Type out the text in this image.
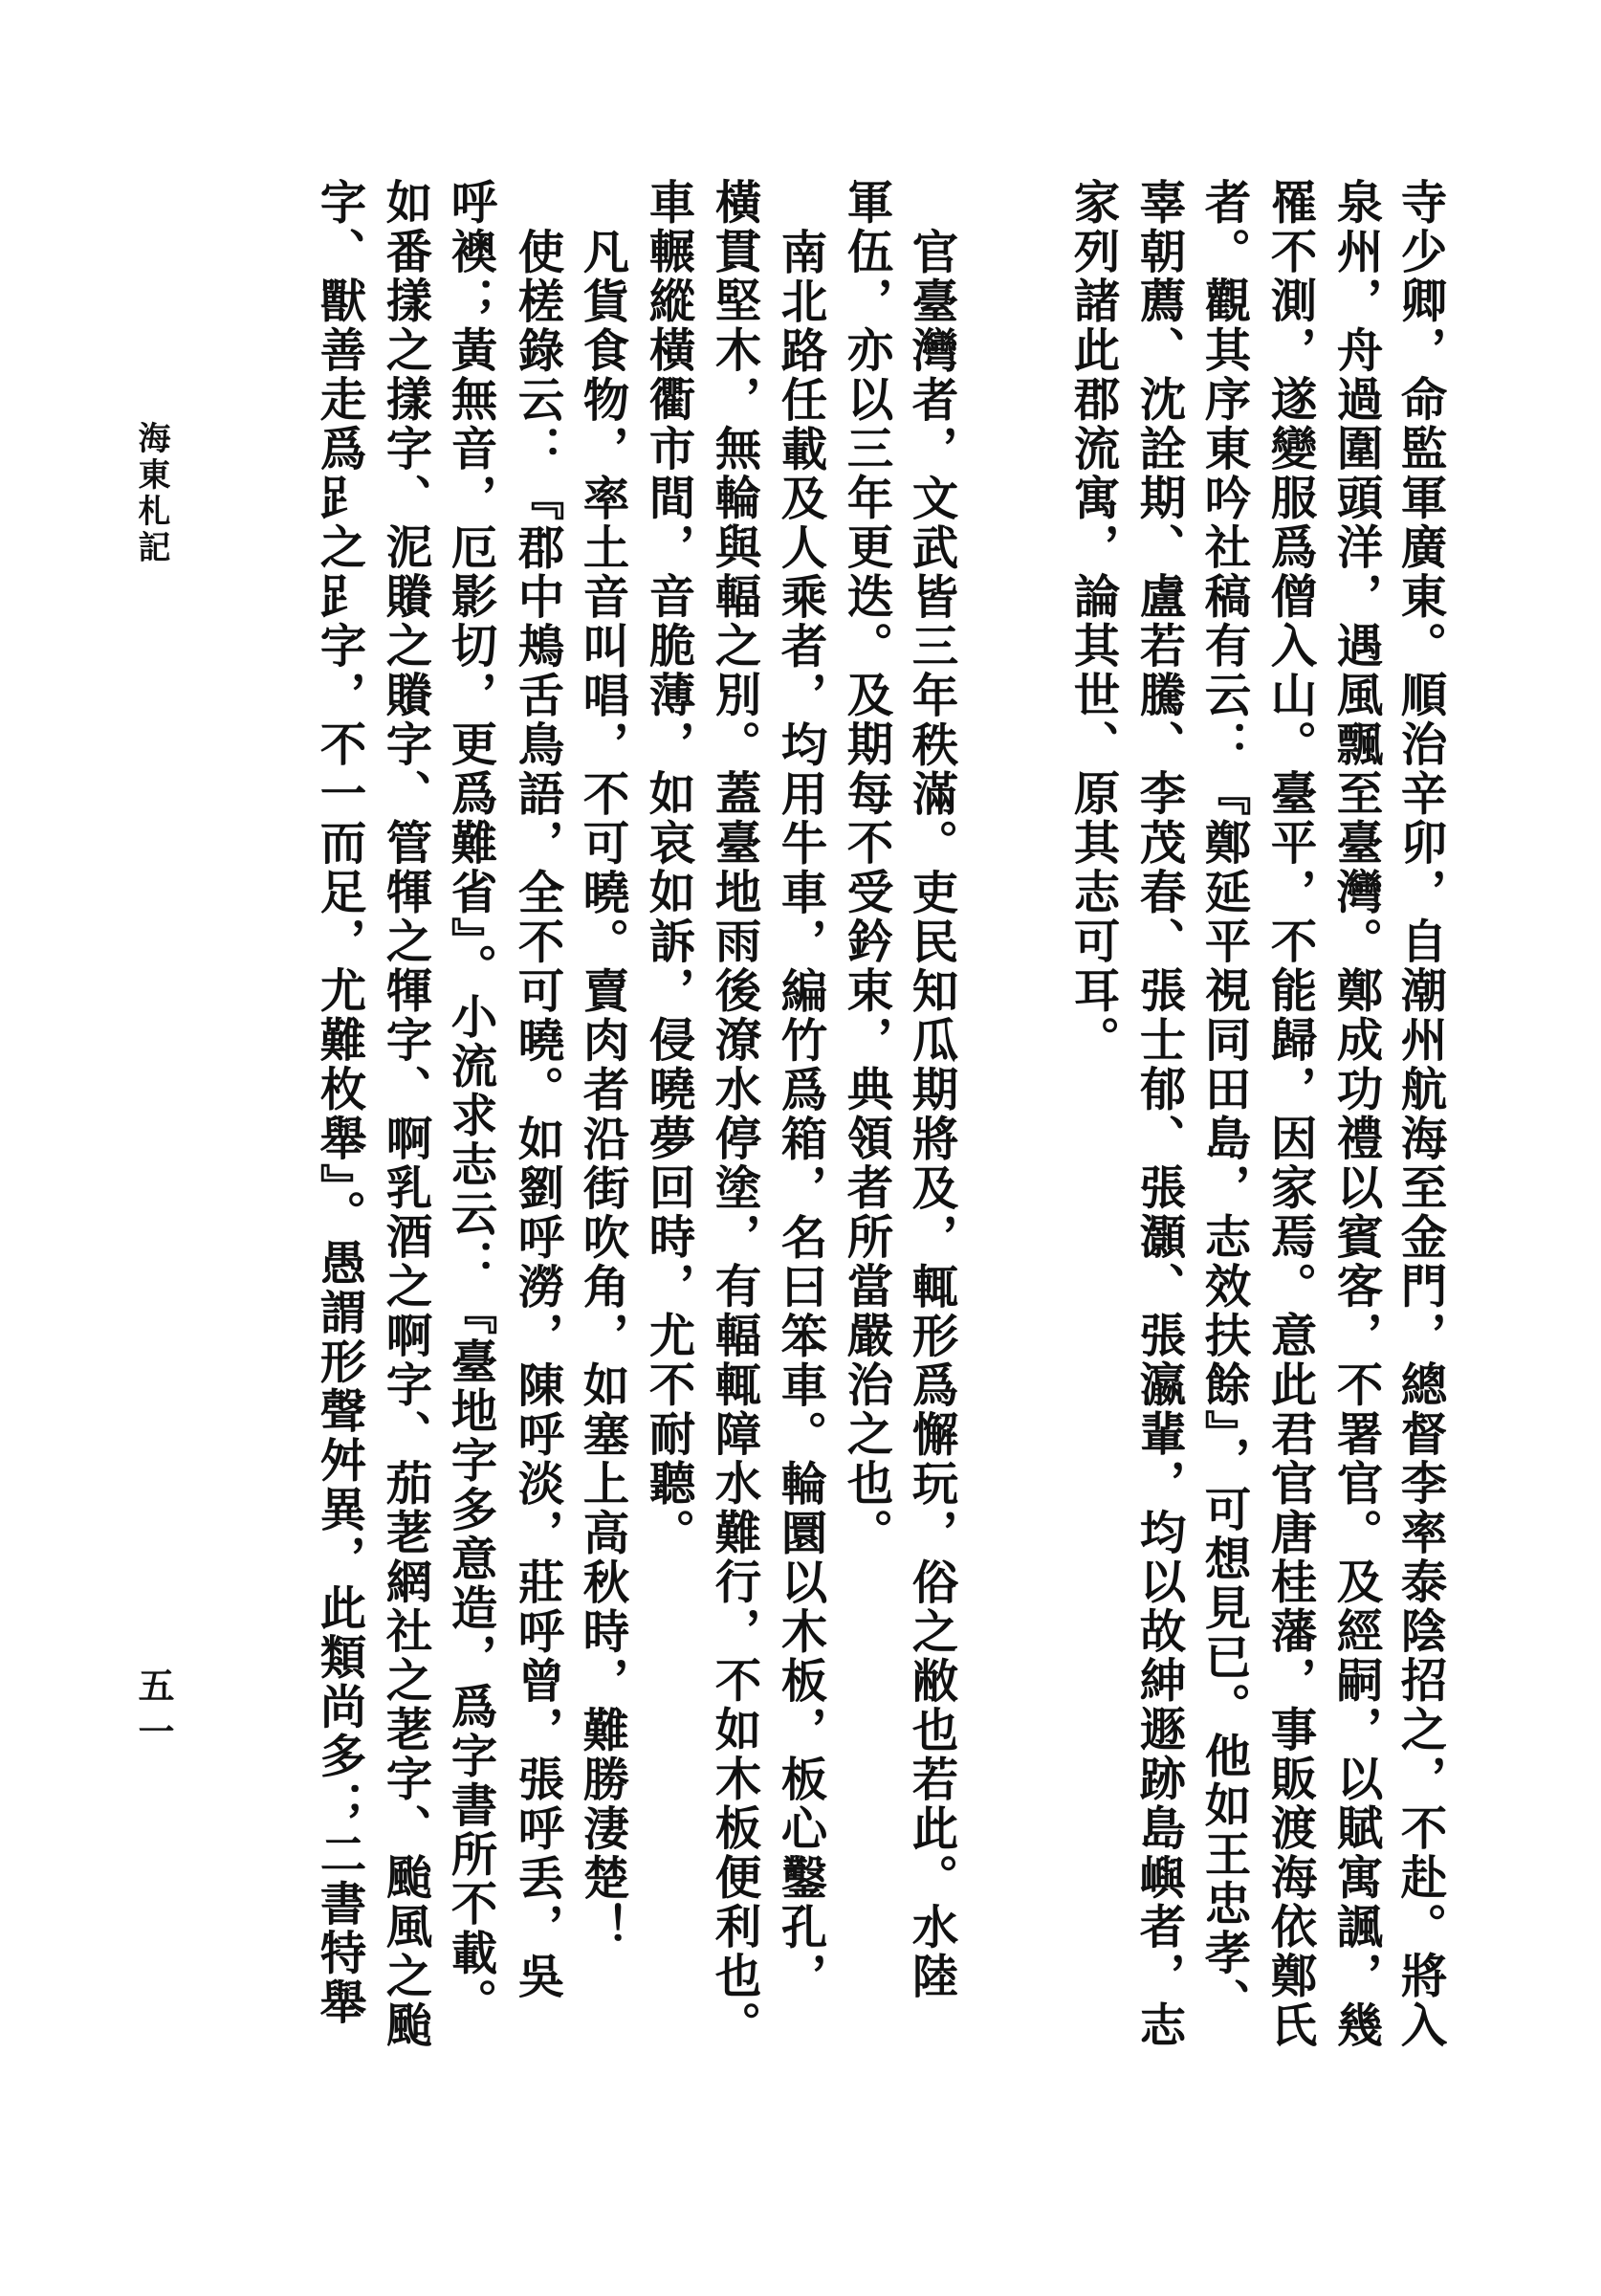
寺少卿，命監軍廣東。順治辛卯，自潮州航海至金門，總督李率泰陰招之，不赴。將入
泉州，舟過圍頭洋，遇風飄至臺灣。鄭成功禮以賓客，不署官。及經嗣，以賦寓諷，幾
罹不測，遂變服爲僧入山。臺平，不能歸，因家焉。意此君官唐桂藩，事販渡海依鄭氏
者。觀其序東吟社稿有云：『鄭延平視同田島，志效扶餘』，可想見已。他如王忠孝、
辜朝薦、沈詮期、盧若騰、李茂春、張士郁、張灝、張瀛輩，均以故紳遯跡島嶼者，志
家列諸此郡流寓，論其世、原其志可耳。
官臺灣者，文武皆三年秩滿。吏民知瓜期將及，輒形爲懈玩，俗之敝也若此。水陸
軍伍，亦以三年更迭。及期每不受鈐束，典領者所當嚴治之也。
南北路任載及人乘者，均用牛車，編竹爲箱，名曰笨車。輪圜以木板，板心鑿孔，
橫貫堅木，無輪與輻之別。蓋臺地雨後潦水停塗，有輻輒障水難行，不如木板便利也。
車輾縱橫衢市間，音脆薄，如哀如訴，侵曉夢回時，尤不耐聽。
凡貨食物，率土音叫唱，不可曉。賣肉者沿街吹角，如塞上高秋時，難勝淒楚！
使槎錄云：『郡中鴂舌鳥語，全不可曉。如劉呼澇，陳呼淡，莊呼曾，張呼丢，吳
呼襖；黃無音，厄影切，更爲難省』。小流求志云：『臺地字多意造，爲字書所不載。
如番㨾之㨾字、泥䞉之䞉字、管㹆之㹆字、啊乳酒之啊字、茄荖網社之荖字、颱風之颱
字、獸善走爲𧾷之𧾷字，不一而足，尤難枚舉』。愚謂形聲舛異，此類尚多；二書特舉
海東札記
五一
